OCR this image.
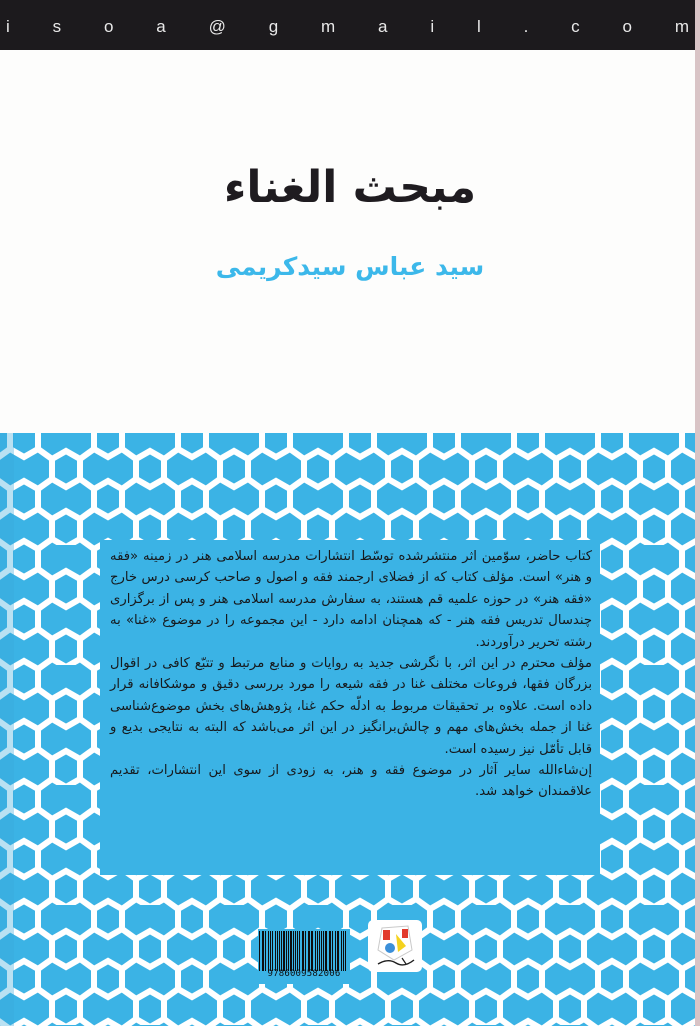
i	s	o	a	@	g	m	a	i	l	.	c	o	m
مبحث الغناء
سید عباس سیدکریمی

کتاب حاضر، سوّمین اثر منتشرشده توسّط انتشارات مدرسه اسلامی هنر در زمینه «فقه و هنر» است. مؤلف کتاب که از فضلای ارجمند فقه و اصول و صاحب کرسی درس خارج «فقه هنر» در حوزه علمیه قم هستند، به سفارش مدرسه اسلامی هنر و پس از برگزاری چندسال تدریس فقه هنر - که همچنان ادامه دارد - این مجموعه را در موضوع «غنا» به رشته تحریر درآوردند.

مؤلف محترم در این اثر، با نگرشی جدید به روایات و منابع مرتبط و تتبّع کافی در اقوال بزرگان فقها، فروعات مختلف غنا در فقه شیعه را مورد بررسی دقیق و موشکافانه قرار داده است. علاوه بر تحقیقات مربوط به ادلّه حکم غنا، پژوهش‌های بخش موضوع‌شناسی غنا از جمله بخش‌های مهم و چالش‌برانگیز در این اثر می‌باشد که البته به نتایجی بدیع و قابل تأمّل نیز رسیده است.

إن‌شاءالله سایر آثار در موضوع فقه و هنر، به زودی از سوی این انتشارات، تقدیم علاقمندان خواهد شد.

9786009582006
